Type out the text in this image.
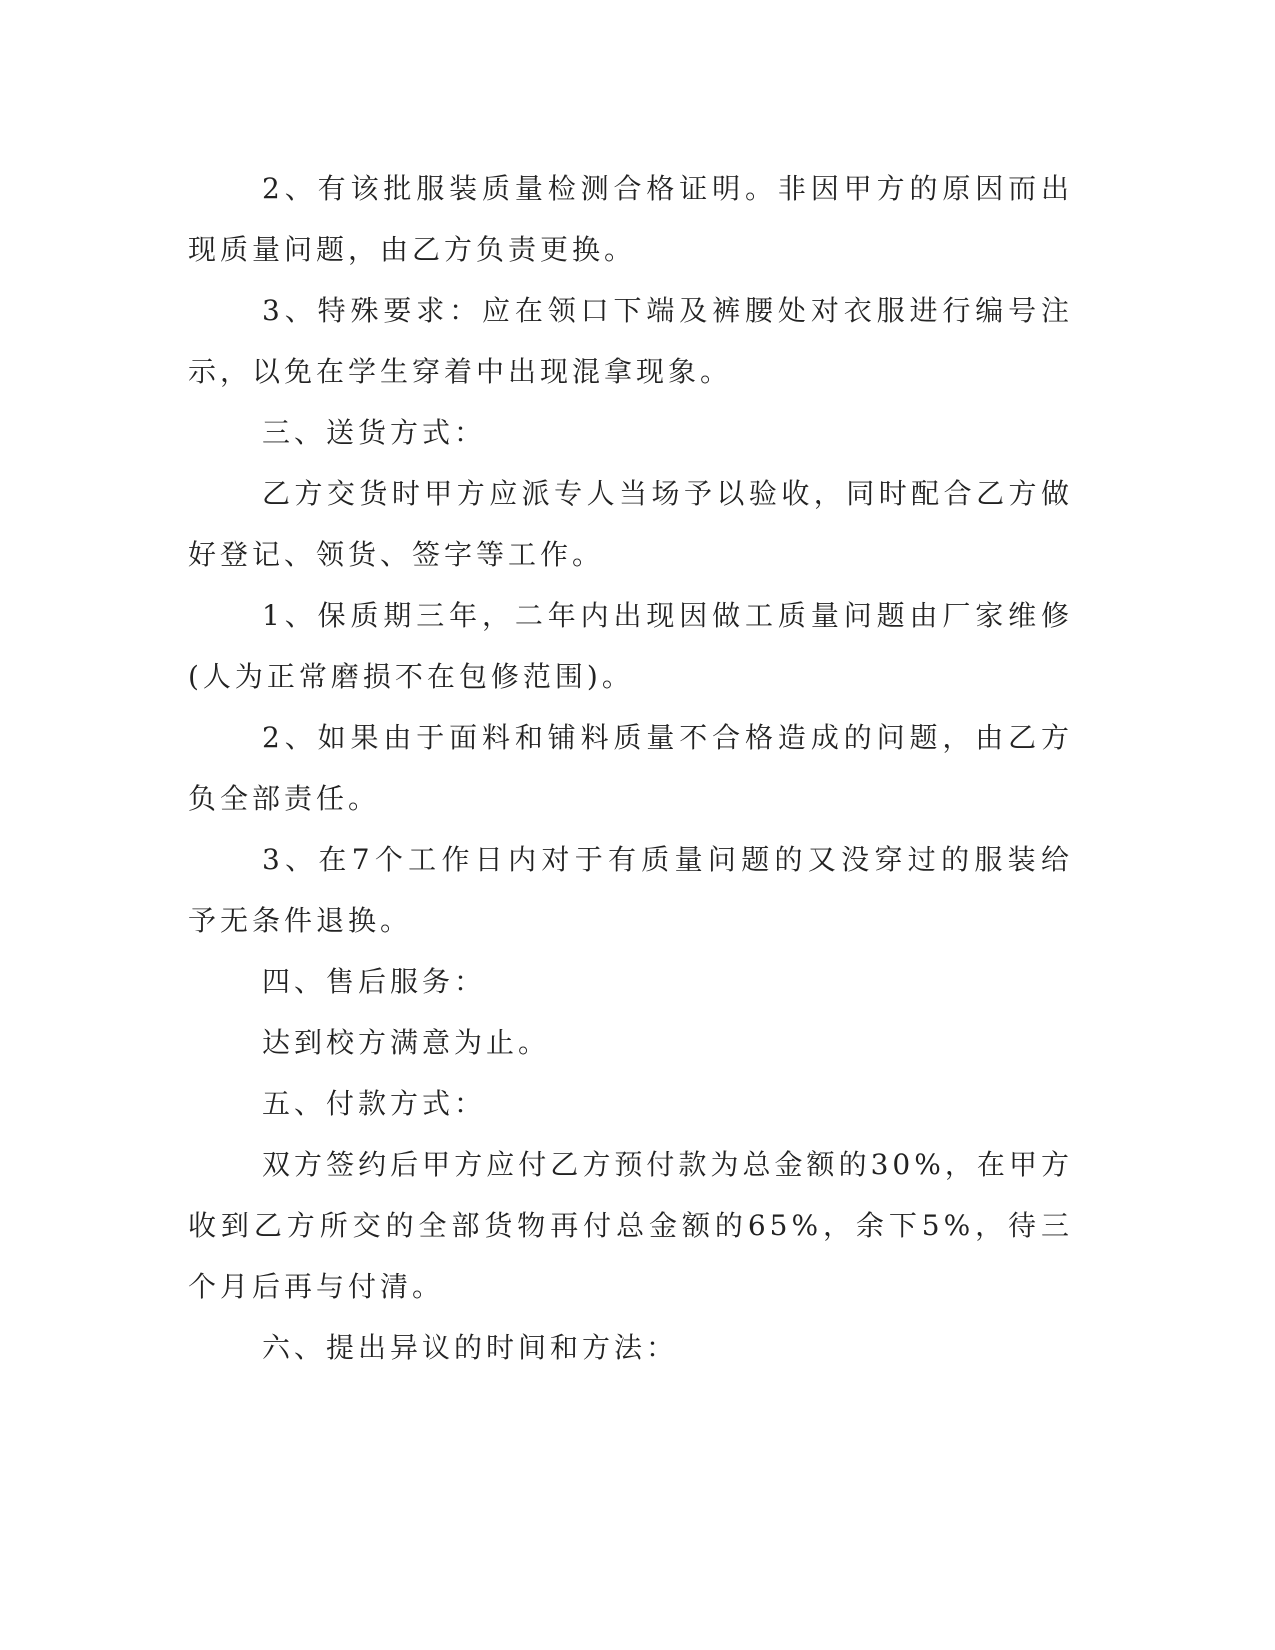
2、有该批服装质量检测合格证明。非因甲方的原因而出现质量问题，由乙方负责更换。

3、特殊要求：应在领口下端及裤腰处对衣服进行编号注示，以免在学生穿着中出现混拿现象。

三、送货方式：

乙方交货时甲方应派专人当场予以验收，同时配合乙方做好登记、领货、签字等工作。

1、保质期三年，二年内出现因做工质量问题由厂家维修(人为正常磨损不在包修范围)。

2、如果由于面料和铺料质量不合格造成的问题，由乙方负全部责任。

3、在7个工作日内对于有质量问题的又没穿过的服装给予无条件退换。

四、售后服务：

达到校方满意为止。

五、付款方式：

双方签约后甲方应付乙方预付款为总金额的30%，在甲方收到乙方所交的全部货物再付总金额的65%，余下5%，待三个月后再与付清。

六、提出异议的时间和方法：
